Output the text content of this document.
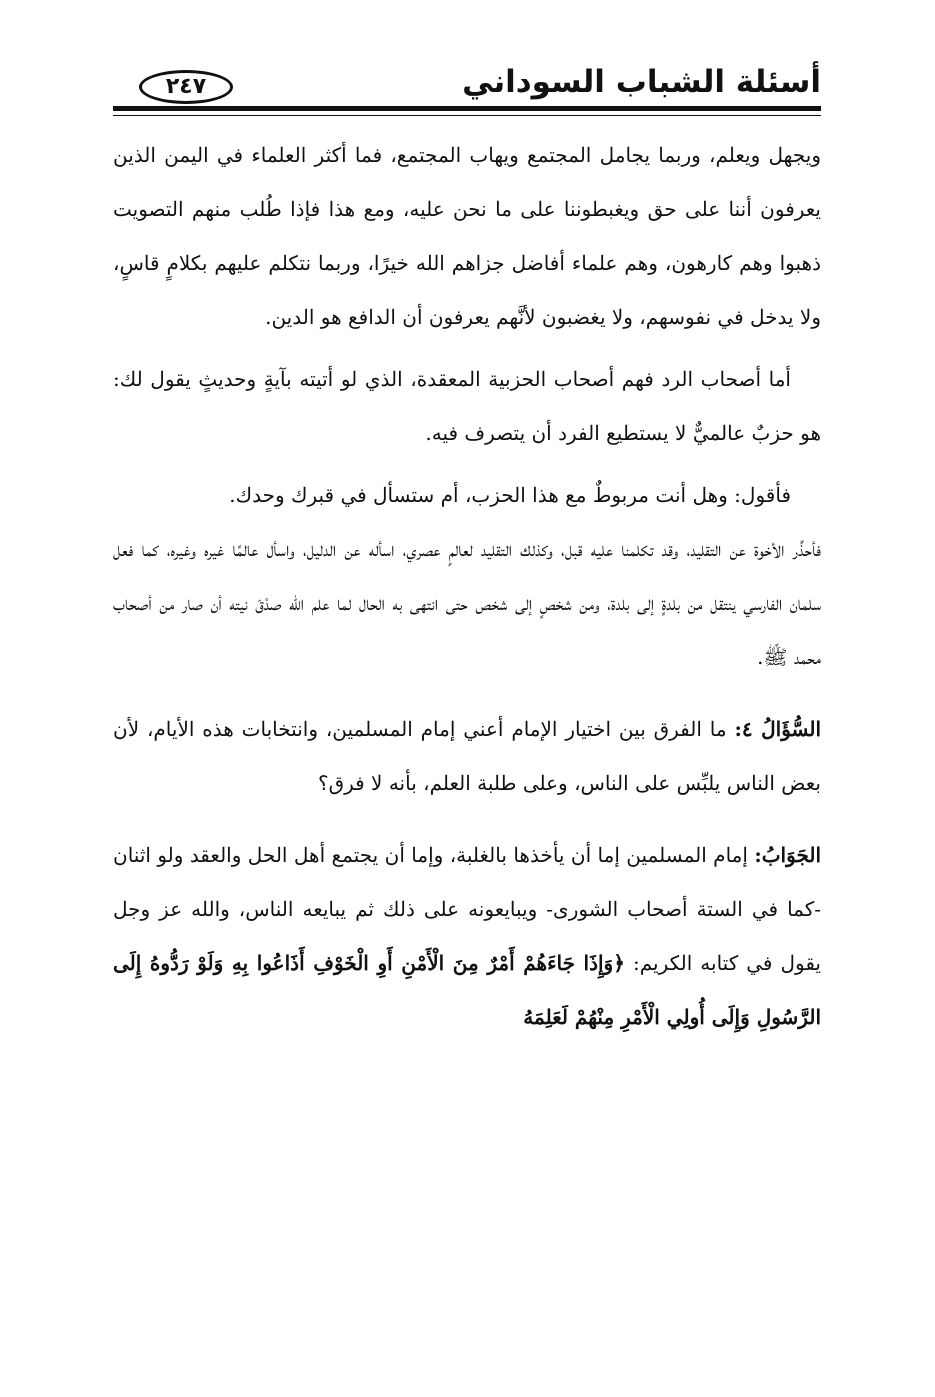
أسئلة الشباب السوداني
٢٤٧

ويجهل ويعلم، وربما يجامل المجتمع ويهاب المجتمع، فما أكثر العلماء في اليمن الذين يعرفون أننا على حق ويغبطوننا على ما نحن عليه، ومع هذا فإذا طُلب منهم التصويت ذهبوا وهم كارهون، وهم علماء أفاضل جزاهم الله خيرًا، وربما نتكلم عليهم بكلامٍ قاسٍ، ولا يدخل في نفوسهم، ولا يغضبون لأنَّهم يعرفون أن الدافع هو الدين.

أما أصحاب الرد فهم أصحاب الحزبية المعقدة، الذي لو أتيته بآيةٍ وحديثٍ يقول لك: هو حزبٌ عالميٌّ لا يستطيع الفرد أن يتصرف فيه.

فأقول: وهل أنت مربوطٌ مع هذا الحزب، أم ستسأل في قبرك وحدك.

فأحذِّر الأخوة عن التقليد، وقد تكلمنا عليه قبل، وكذلك التقليد لعالمٍ عصري، اسأله عن الدليل، واسأل عالمًا غيره وغيره، كما فعل سلمان الفارسي ينتقل من بلدةٍ إلى بلدة، ومن شخصٍ إلى شخص حتى انتهى به الحال لما علم الله صدْقَ نيته أن صار من أصحاب محمد ﷺ.

السُّؤَالُ ٤: ما الفرق بين اختيار الإمام أعني إمام المسلمين، وانتخابات هذه الأيام، لأن بعض الناس يلبِّس على الناس، وعلى طلبة العلم، بأنه لا فرق؟

الجَوَابُ: إمام المسلمين إما أن يأخذها بالغلبة، وإما أن يجتمع أهل الحل والعقد ولو اثنان -كما في الستة أصحاب الشورى- ويبايعونه على ذلك ثم يبايعه الناس، والله عز وجل يقول في كتابه الكريم: ﴿وَإِذَا جَاءَهُمْ أَمْرٌ مِنَ الْأَمْنِ أَوِ الْخَوْفِ أَذَاعُوا بِهِ وَلَوْ رَدُّوهُ إِلَى الرَّسُولِ وَإِلَى أُولِي الْأَمْرِ مِنْهُمْ لَعَلِمَهُ
